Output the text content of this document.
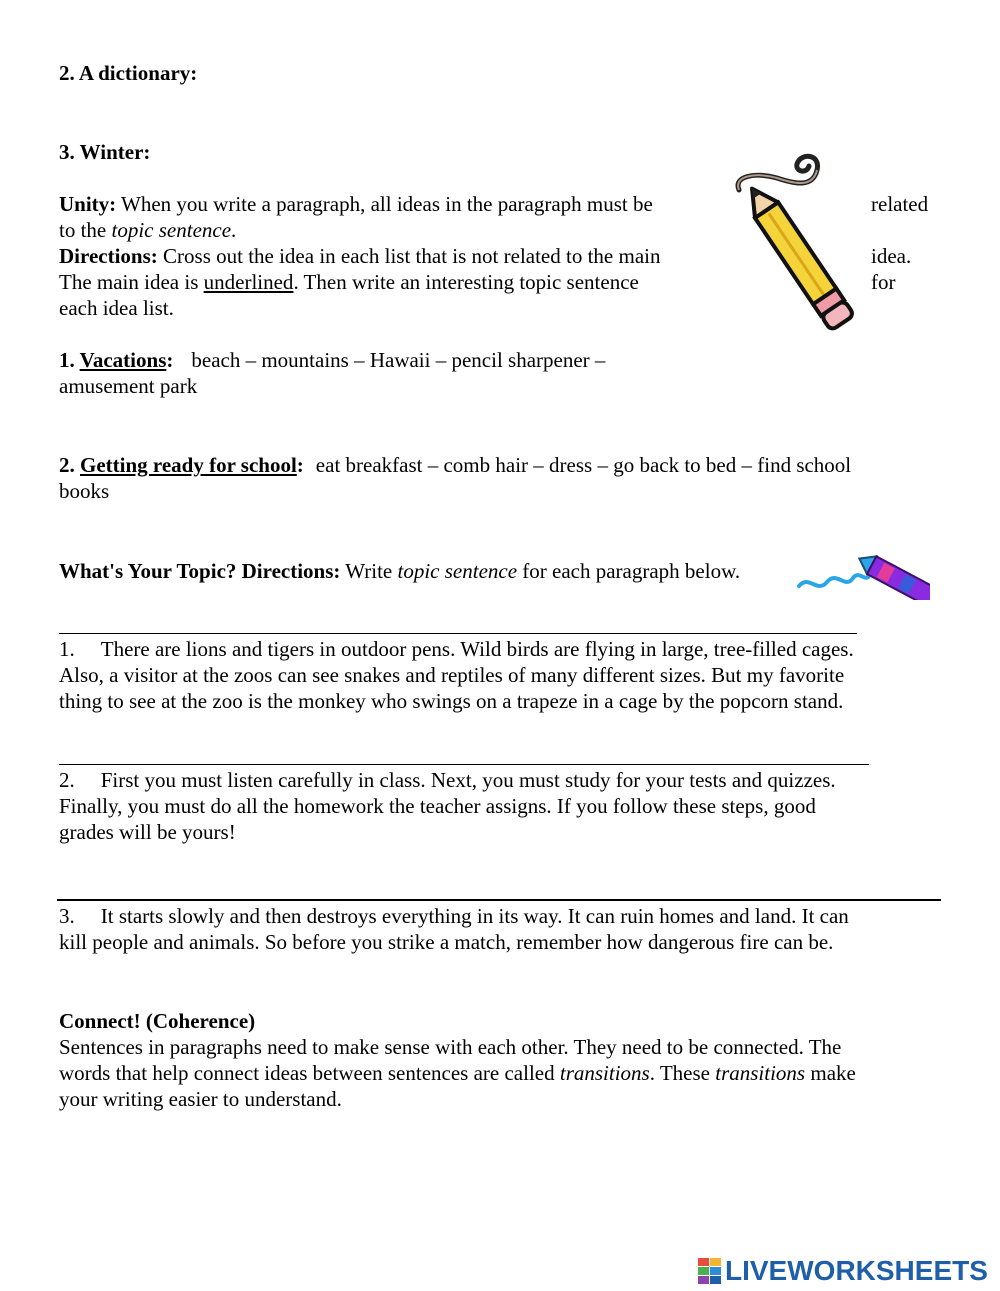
2. A dictionary:
3. Winter:
Unity: When you write a paragraph, all ideas in the paragraph must be	related
to the topic sentence.
Directions: Cross out the idea in each list that is not related to the main	idea.
The main idea is underlined. Then write an interesting topic sentence	for
each idea list.
1. Vacations: beach – mountains – Hawaii – pencil sharpener –
amusement park
2. Getting ready for school: eat breakfast – comb hair – dress – go back to bed – find school
books
What's Your Topic? Directions: Write topic sentence for each paragraph below.
1. There are lions and tigers in outdoor pens. Wild birds are flying in large, tree-filled cages.
Also, a visitor at the zoos can see snakes and reptiles of many different sizes. But my favorite
thing to see at the zoo is the monkey who swings on a trapeze in a cage by the popcorn stand.
2. First you must listen carefully in class. Next, you must study for your tests and quizzes.
Finally, you must do all the homework the teacher assigns. If you follow these steps, good
grades will be yours!
3. It starts slowly and then destroys everything in its way. It can ruin homes and land. It can
kill people and animals. So before you strike a match, remember how dangerous fire can be.
Connect! (Coherence)
Sentences in paragraphs need to make sense with each other. They need to be connected. The
words that help connect ideas between sentences are called transitions. These transitions make
your writing easier to understand.
LIVEWORKSHEETS
